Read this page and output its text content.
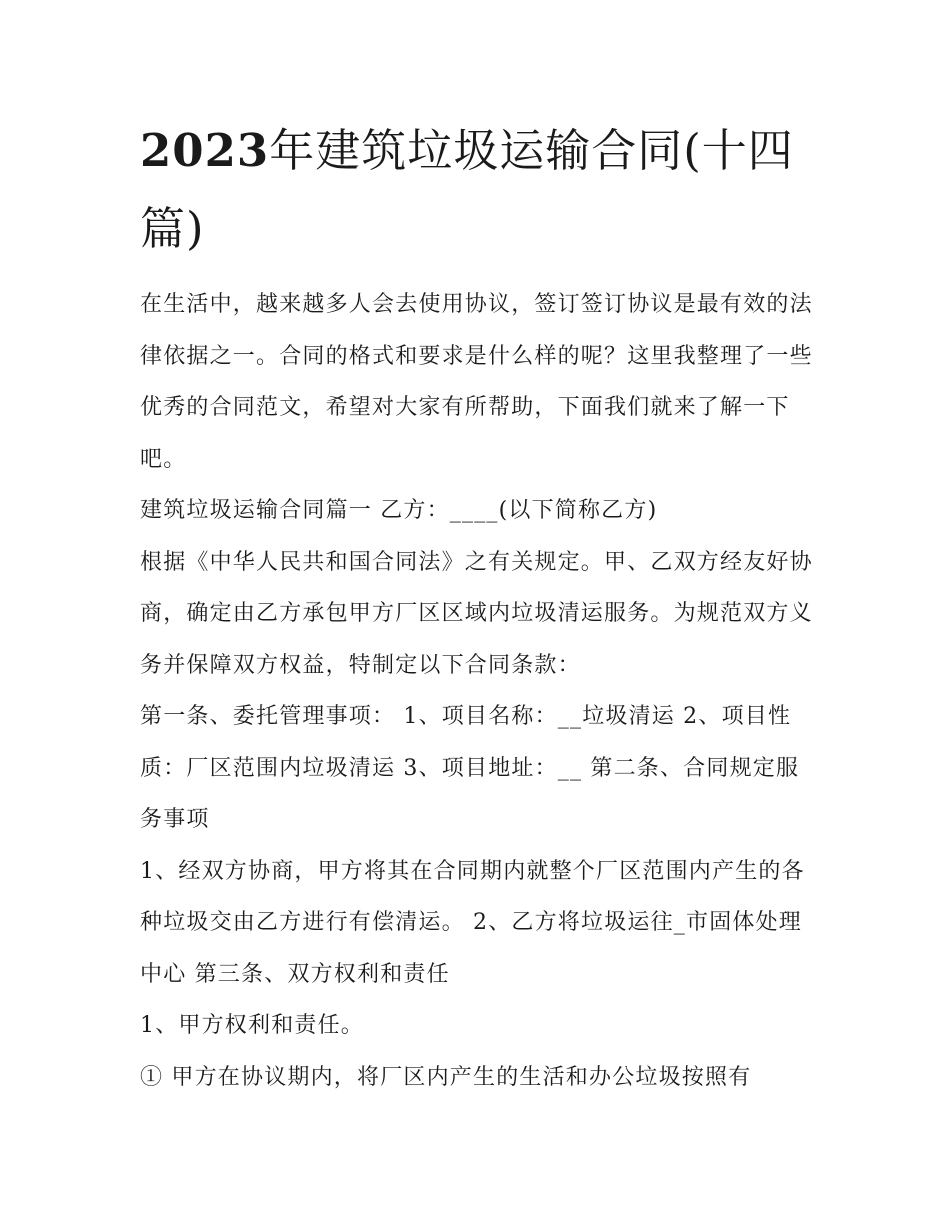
2023年建筑垃圾运输合同(十四篇)

在生活中，越来越多人会去使用协议，签订签订协议是最有效的法律依据之一。合同的格式和要求是什么样的呢？这里我整理了一些优秀的合同范文，希望对大家有所帮助，下面我们就来了解一下吧。

建筑垃圾运输合同篇一 乙方：____(以下简称乙方)

根据《中华人民共和国合同法》之有关规定。甲、乙双方经友好协商，确定由乙方承包甲方厂区区域内垃圾清运服务。为规范双方义务并保障双方权益，特制定以下合同条款：

第一条、委托管理事项： 1、项目名称：__垃圾清运 2、项目性质：厂区范围内垃圾清运 3、项目地址：__ 第二条、合同规定服务事项

1、经双方协商，甲方将其在合同期内就整个厂区范围内产生的各种垃圾交由乙方进行有偿清运。 2、乙方将垃圾运往_市固体处理中心 第三条、双方权利和责任

1、甲方权利和责任。

① 甲方在协议期内，将厂区内产生的生活和办公垃圾按照有
